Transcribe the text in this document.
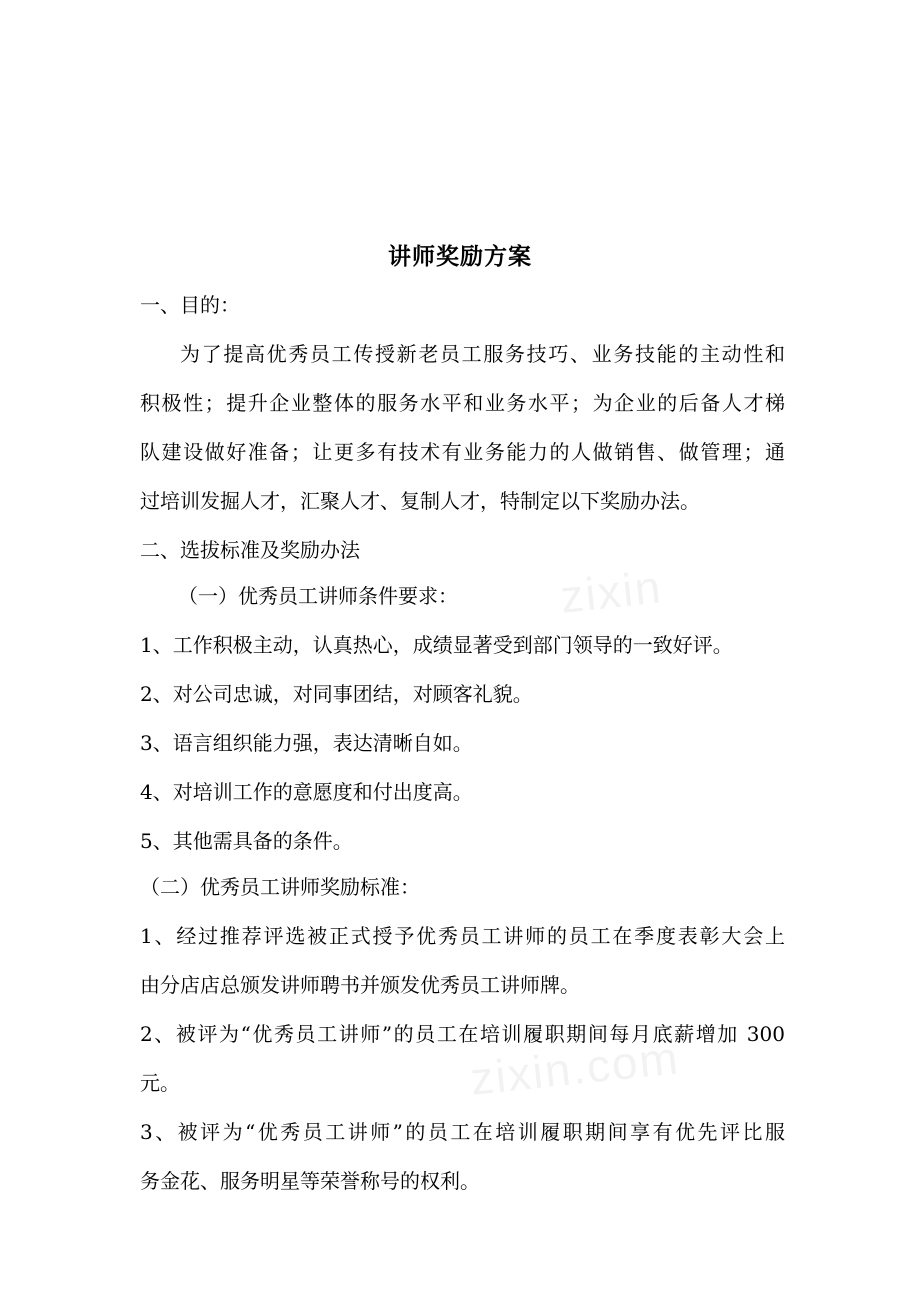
zixin
zixin.com
讲师奖励方案
一、目的：
为了提高优秀员工传授新老员工服务技巧、业务技能的主动性和
积极性；提升企业整体的服务水平和业务水平；为企业的后备人才梯
队建设做好准备；让更多有技术有业务能力的人做销售、做管理；通
过培训发掘人才，汇聚人才、复制人才，特制定以下奖励办法。
二、选拔标准及奖励办法
（一）优秀员工讲师条件要求：
1、工作积极主动，认真热心，成绩显著受到部门领导的一致好评。
2、对公司忠诚，对同事团结，对顾客礼貌。
3、语言组织能力强，表达清晰自如。
4、对培训工作的意愿度和付出度高。
5、其他需具备的条件。
（二）优秀员工讲师奖励标准：
1、经过推荐评选被正式授予优秀员工讲师的员工在季度表彰大会上
由分店店总颁发讲师聘书并颁发优秀员工讲师牌。
2、被评为“优秀员工讲师”的员工在培训履职期间每月底薪增加 300
元。
3、被评为“优秀员工讲师”的员工在培训履职期间享有优先评比服
务金花、服务明星等荣誉称号的权利。
